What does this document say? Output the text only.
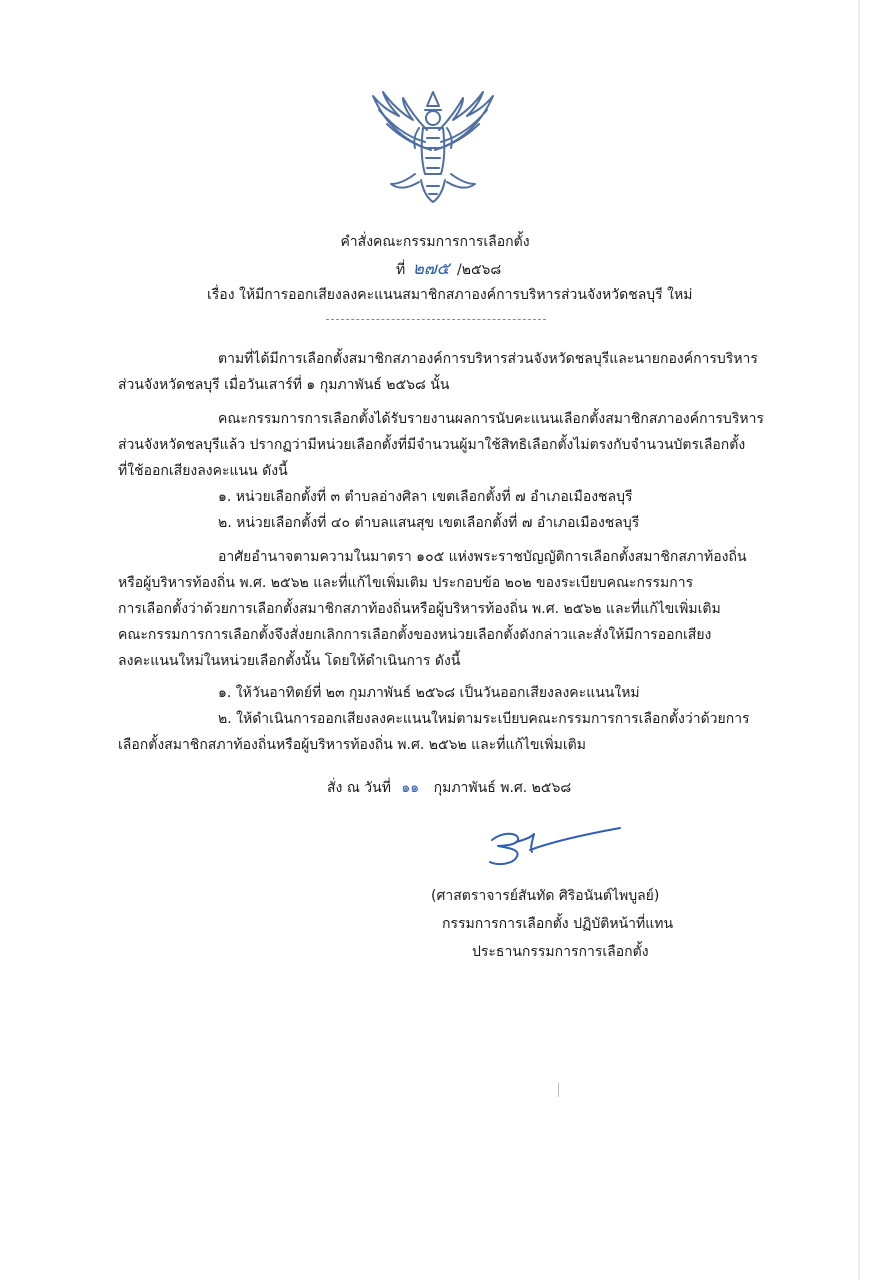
คำสั่งคณะกรรมการการเลือกตั้ง
ที่ ๒๗๕ /๒๕๖๘
เรื่อง ให้มีการออกเสียงลงคะแนนสมาชิกสภาองค์การบริหารส่วนจังหวัดชลบุรี ใหม่
ตามที่ได้มีการเลือกตั้งสมาชิกสภาองค์การบริหารส่วนจังหวัดชลบุรีและนายกองค์การบริหาร
ส่วนจังหวัดชลบุรี เมื่อวันเสาร์ที่ ๑ กุมภาพันธ์ ๒๕๖๘ นั้น
คณะกรรมการการเลือกตั้งได้รับรายงานผลการนับคะแนนเลือกตั้งสมาชิกสภาองค์การบริหาร
ส่วนจังหวัดชลบุรีแล้ว ปรากฏว่ามีหน่วยเลือกตั้งที่มีจำนวนผู้มาใช้สิทธิเลือกตั้งไม่ตรงกับจำนวนบัตรเลือกตั้ง
ที่ใช้ออกเสียงลงคะแนน ดังนี้
๑. หน่วยเลือกตั้งที่ ๓ ตำบลอ่างศิลา เขตเลือกตั้งที่ ๗ อำเภอเมืองชลบุรี
๒. หน่วยเลือกตั้งที่ ๔๐ ตำบลแสนสุข เขตเลือกตั้งที่ ๗ อำเภอเมืองชลบุรี
อาศัยอำนาจตามความในมาตรา ๑๐๕ แห่งพระราชบัญญัติการเลือกตั้งสมาชิกสภาท้องถิ่น
หรือผู้บริหารท้องถิ่น พ.ศ. ๒๕๖๒ และที่แก้ไขเพิ่มเติม ประกอบข้อ ๒๐๒ ของระเบียบคณะกรรมการ
การเลือกตั้งว่าด้วยการเลือกตั้งสมาชิกสภาท้องถิ่นหรือผู้บริหารท้องถิ่น พ.ศ. ๒๕๖๒ และที่แก้ไขเพิ่มเติม
คณะกรรมการการเลือกตั้งจึงสั่งยกเลิกการเลือกตั้งของหน่วยเลือกตั้งดังกล่าวและสั่งให้มีการออกเสียง
ลงคะแนนใหม่ในหน่วยเลือกตั้งนั้น โดยให้ดำเนินการ ดังนี้
๑. ให้วันอาทิตย์ที่ ๒๓ กุมภาพันธ์ ๒๕๖๘ เป็นวันออกเสียงลงคะแนนใหม่
๒. ให้ดำเนินการออกเสียงลงคะแนนใหม่ตามระเบียบคณะกรรมการการเลือกตั้งว่าด้วยการ
เลือกตั้งสมาชิกสภาท้องถิ่นหรือผู้บริหารท้องถิ่น พ.ศ. ๒๕๖๒ และที่แก้ไขเพิ่มเติม
สั่ง ณ วันที่ ๑๑ กุมภาพันธ์ พ.ศ. ๒๕๖๘
(ศาสตราจารย์สันทัด ศิริอนันต์ไพบูลย์)
กรรมการการเลือกตั้ง ปฏิบัติหน้าที่แทน
ประธานกรรมการการเลือกตั้ง
